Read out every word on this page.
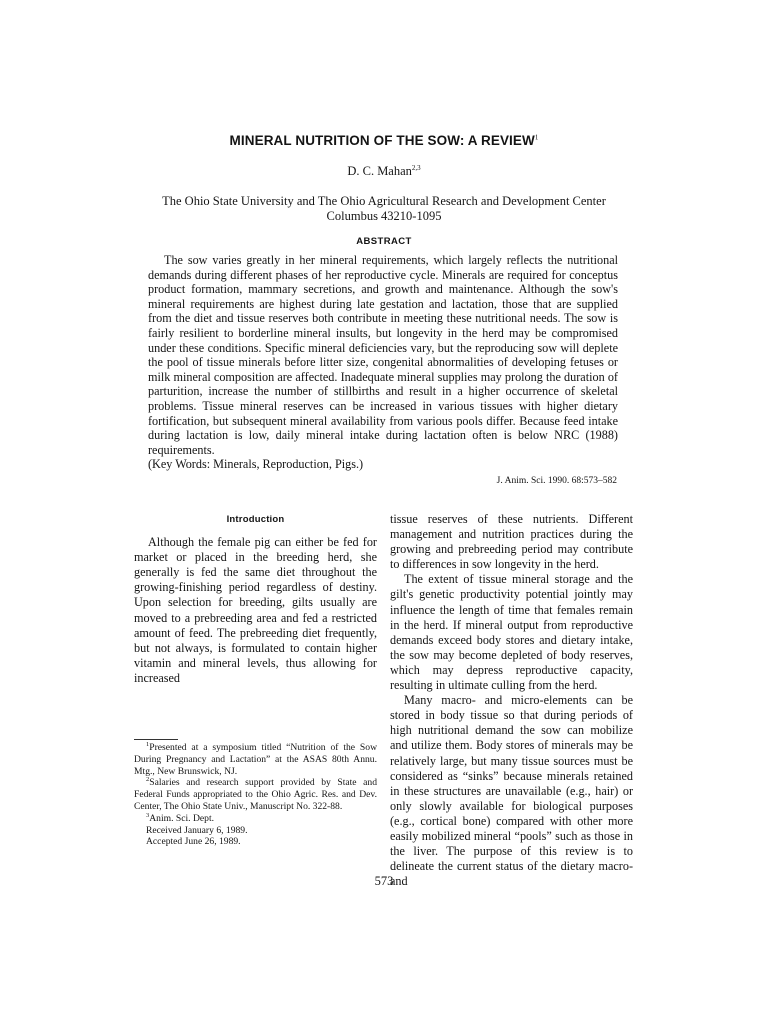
MINERAL NUTRITION OF THE SOW: A REVIEW$^1$
D. C. Mahan$^{2,3}$
The Ohio State University and The Ohio Agricultural Research and Development Center
Columbus 43210-1095
ABSTRACT

The sow varies greatly in her mineral requirements, which largely reflects the nutritional demands during different phases of her reproductive cycle. Minerals are required for conceptus product formation, mammary secretions, and growth and maintenance. Although the sow's mineral requirements are highest during late gestation and lactation, those that are supplied from the diet and tissue reserves both contribute in meeting these nutritional needs. The sow is fairly resilient to borderline mineral insults, but longevity in the herd may be compromised under these conditions. Specific mineral deficiencies vary, but the reproducing sow will deplete the pool of tissue minerals before litter size, congenital abnormalities of developing fetuses or milk mineral composition are affected. Inadequate mineral supplies may prolong the duration of parturition, increase the number of stillbirths and result in a higher occurrence of skeletal problems. Tissue mineral reserves can be increased in various tissues with higher dietary fortification, but subsequent mineral availability from various pools differ. Because feed intake during lactation is low, daily mineral intake during lactation often is below NRC (1988) requirements.

(Key Words: Minerals, Reproduction, Pigs.)

J. Anim. Sci. 1990. 68:573–582
Introduction

Although the female pig can either be fed for market or placed in the breeding herd, she generally is fed the same diet throughout the growing-finishing period regardless of destiny. Upon selection for breeding, gilts usually are moved to a prebreeding area and fed a restricted amount of feed. The prebreeding diet frequently, but not always, is formulated to contain higher vitamin and mineral levels, thus allowing for increased

tissue reserves of these nutrients. Different management and nutrition practices during the growing and prebreeding period may contribute to differences in sow longevity in the herd.

The extent of tissue mineral storage and the gilt's genetic productivity potential jointly may influence the length of time that females remain in the herd. If mineral output from reproductive demands exceed body stores and dietary intake, the sow may become depleted of body reserves, which may depress reproductive capacity, resulting in ultimate culling from the herd.

Many macro- and micro-elements can be stored in body tissue so that during periods of high nutritional demand the sow can mobilize and utilize them. Body stores of minerals may be relatively large, but many tissue sources must be considered as “sinks” because minerals retained in these structures are unavailable (e.g., hair) or only slowly available for biological purposes (e.g., cortical bone) compared with other more easily mobilized mineral “pools” such as those in the liver. The purpose of this review is to delineate the current status of the dietary macro- and

$^1$Presented at a symposium titled “Nutrition of the Sow During Pregnancy and Lactation” at the ASAS 80th Annu. Mtg., New Brunswick, NJ.

$^2$Salaries and research support provided by State and Federal Funds appropriated to the Ohio Agric. Res. and Dev. Center, The Ohio State Univ., Manuscript No. 322-88.

$^3$Anim. Sci. Dept.

Received January 6, 1989.

Accepted June 26, 1989.

573
